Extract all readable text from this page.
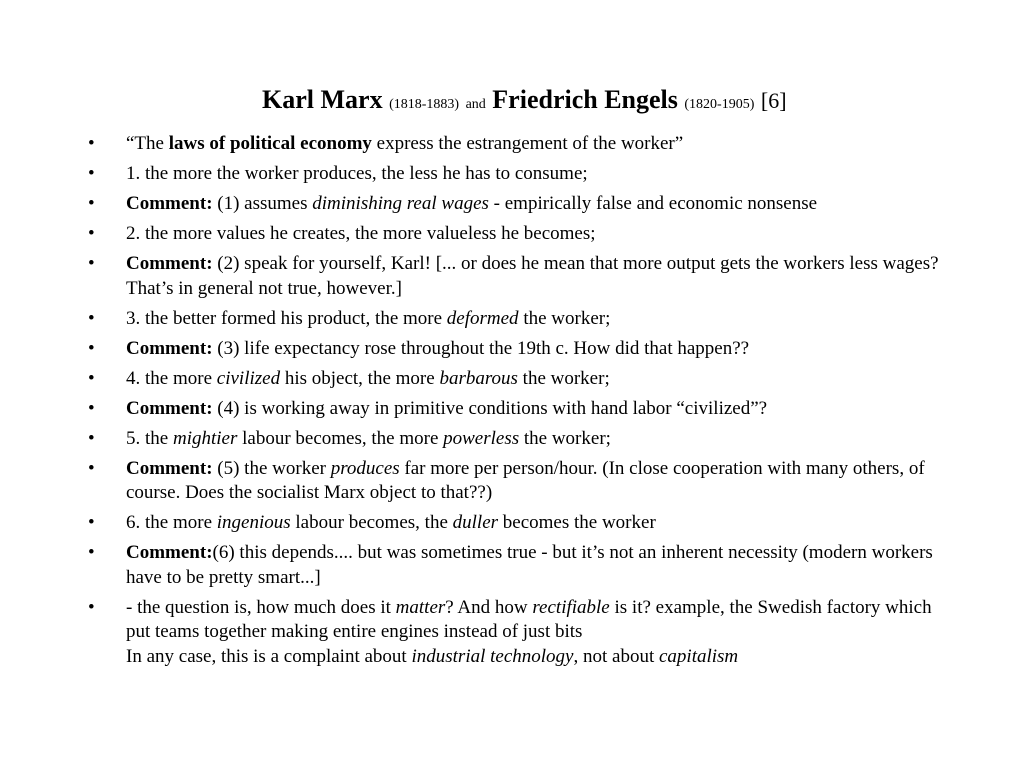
Karl Marx (1818-1883) and Friedrich Engels (1820-1905) [6]
•	“The laws of political economy express the estrangement of the worker”
•	1. the more the worker produces, the less he has to consume;
•	Comment: (1) assumes diminishing real wages - empirically false and economic nonsense
•	2. the more values he creates, the more valueless he becomes;
•	Comment: (2) speak for yourself, Karl! [... or does he mean that more output gets the workers less wages? That’s in general not true, however.]
•	3. the better formed his product, the more deformed the worker;
•	Comment: (3) life expectancy rose throughout the 19th c. How did that happen??
•	4. the more civilized his object, the more barbarous the worker;
•	Comment: (4) is working away in primitive conditions with hand labor “civilized”?
•	5. the mightier labour becomes, the more powerless the worker;
•	Comment: (5) the worker produces far more per person/hour. (In close cooperation with many others, of course. Does the socialist Marx object to that??)
•	6. the more ingenious labour becomes, the duller becomes the worker
•	Comment:(6) this depends.... but was sometimes true - but it’s not an inherent necessity (modern workers have to be pretty smart...]
•	- the question is, how much does it matter? And how rectifiable is it? example, the Swedish factory which put teams together making entire engines instead of just bits
In any case, this is a complaint about industrial technology, not about capitalism
